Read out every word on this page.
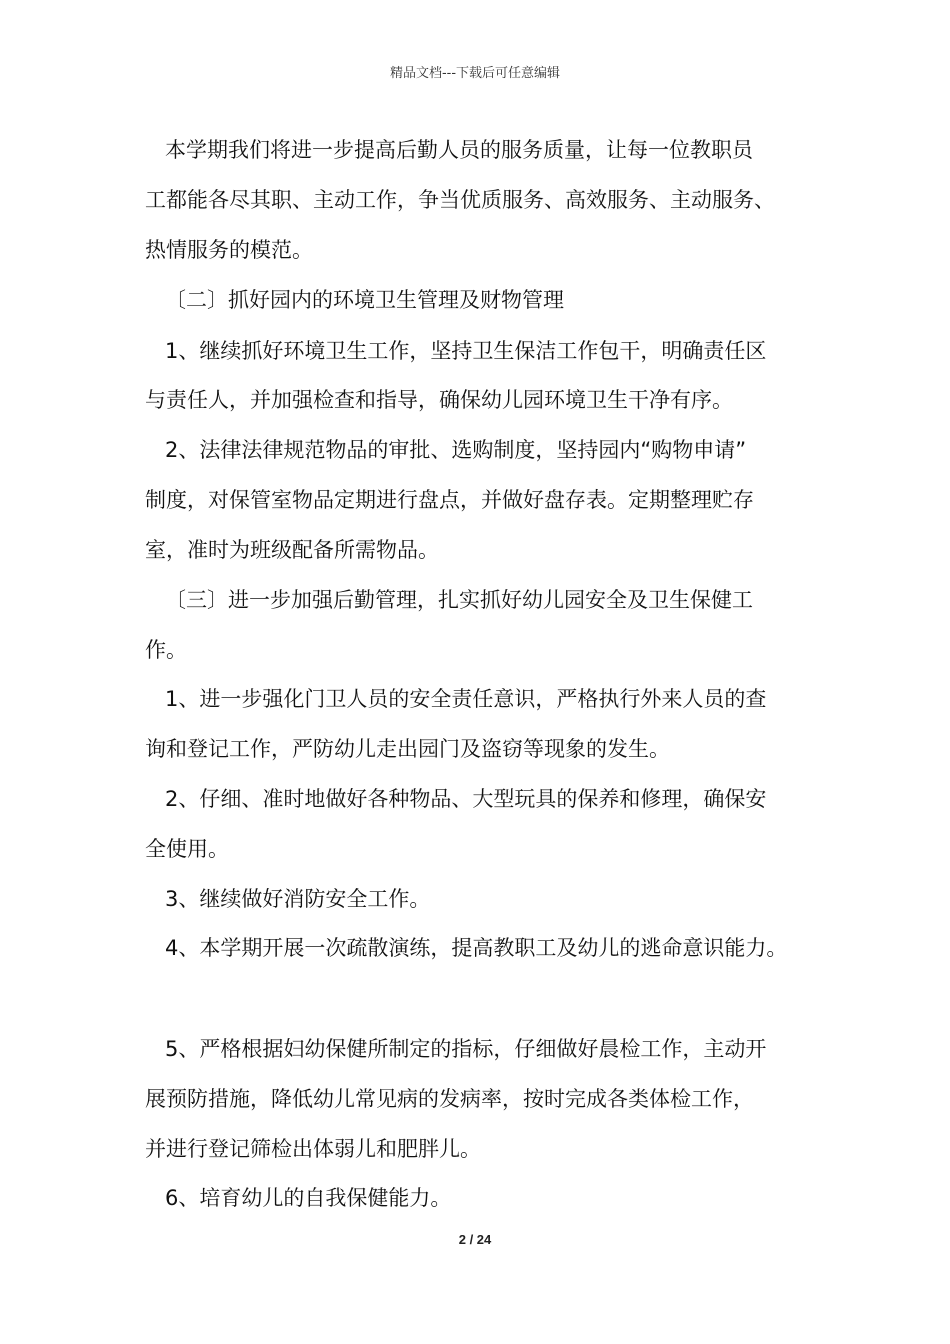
精品文档---下载后可任意编辑
本学期我们将进一步提高后勤人员的服务质量，让每一位教职员
工都能各尽其职、主动工作，争当优质服务、高效服务、主动服务、
热情服务的模范。
〔二〕抓好园内的环境卫生管理及财物管理
1、继续抓好环境卫生工作，坚持卫生保洁工作包干，明确责任区
与责任人，并加强检查和指导，确保幼儿园环境卫生干净有序。
2、法律法律规范物品的审批、选购制度，坚持园内“购物申请”
制度，对保管室物品定期进行盘点，并做好盘存表。定期整理贮存
室，准时为班级配备所需物品。
〔三〕进一步加强后勤管理，扎实抓好幼儿园安全及卫生保健工
作。
1、进一步强化门卫人员的安全责任意识，严格执行外来人员的查
询和登记工作，严防幼儿走出园门及盗窃等现象的发生。
2、仔细、准时地做好各种物品、大型玩具的保养和修理，确保安
全使用。
3、继续做好消防安全工作。
4、本学期开展一次疏散演练，提高教职工及幼儿的逃命意识能力。
5、严格根据妇幼保健所制定的指标，仔细做好晨检工作，主动开
展预防措施，降低幼儿常见病的发病率，按时完成各类体检工作，
并进行登记筛检出体弱儿和肥胖儿。
6、培育幼儿的自我保健能力。
2 / 24
